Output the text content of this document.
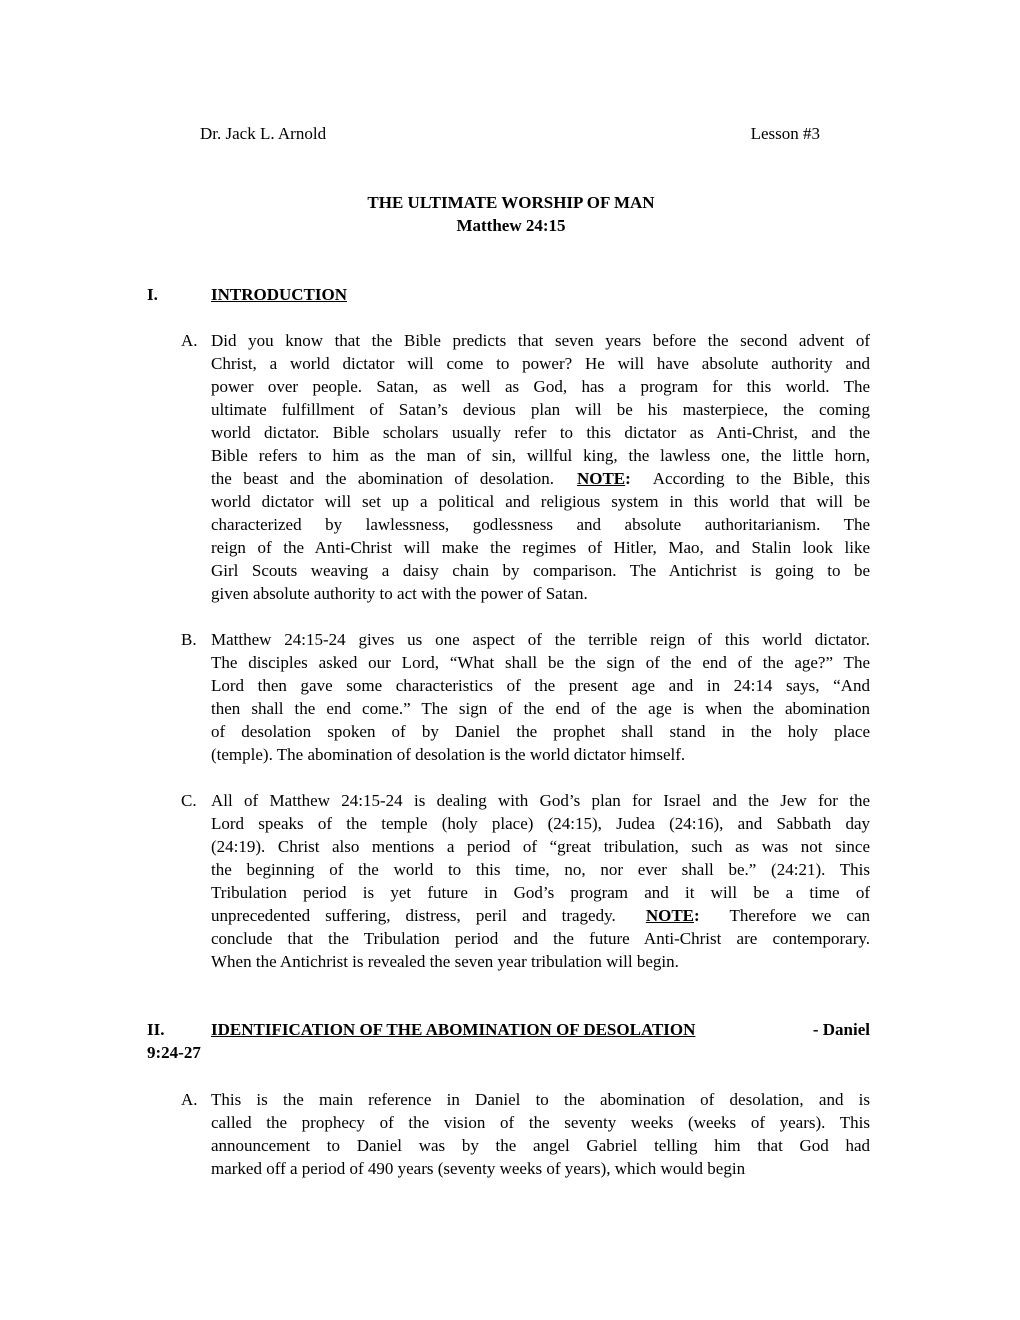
Dr. Jack L. Arnold	Lesson #3
THE ULTIMATE WORSHIP OF MAN
Matthew 24:15
I.	INTRODUCTION
A. Did you know that the Bible predicts that seven years before the second advent of
Christ, a world dictator will come to power? He will have absolute authority and
power over people. Satan, as well as God, has a program for this world. The
ultimate fulfillment of Satan’s devious plan will be his masterpiece, the coming
world dictator. Bible scholars usually refer to this dictator as Anti-Christ, and the
Bible refers to him as the man of sin, willful king, the lawless one, the little horn,
the beast and the abomination of desolation.  NOTE:  According to the Bible, this
world dictator will set up a political and religious system in this world that will be
characterized by lawlessness, godlessness and absolute authoritarianism. The
reign of the Anti-Christ will make the regimes of Hitler, Mao, and Stalin look like
Girl Scouts weaving a daisy chain by comparison. The Antichrist is going to be
given absolute authority to act with the power of Satan.
B. Matthew 24:15-24 gives us one aspect of the terrible reign of this world dictator.
The disciples asked our Lord, “What shall be the sign of the end of the age?” The
Lord then gave some characteristics of the present age and in 24:14 says, “And
then shall the end come.” The sign of the end of the age is when the abomination
of desolation spoken of by Daniel the prophet shall stand in the holy place
(temple). The abomination of desolation is the world dictator himself.
C. All of Matthew 24:15-24 is dealing with God’s plan for Israel and the Jew for the
Lord speaks of the temple (holy place) (24:15), Judea (24:16), and Sabbath day
(24:19). Christ also mentions a period of “great tribulation, such as was not since
the beginning of the world to this time, no, nor ever shall be.” (24:21). This
Tribulation period is yet future in God’s program and it will be a time of
unprecedented suffering, distress, peril and tragedy.  NOTE:  Therefore we can
conclude that the Tribulation period and the future Anti-Christ are contemporary.
When the Antichrist is revealed the seven year tribulation will begin.
II.	IDENTIFICATION OF THE ABOMINATION OF DESOLATION	- Daniel
9:24-27
A. This is the main reference in Daniel to the abomination of desolation, and is
called the prophecy of the vision of the seventy weeks (weeks of years). This
announcement to Daniel was by the angel Gabriel telling him that God had
marked off a period of 490 years (seventy weeks of years), which would begin
